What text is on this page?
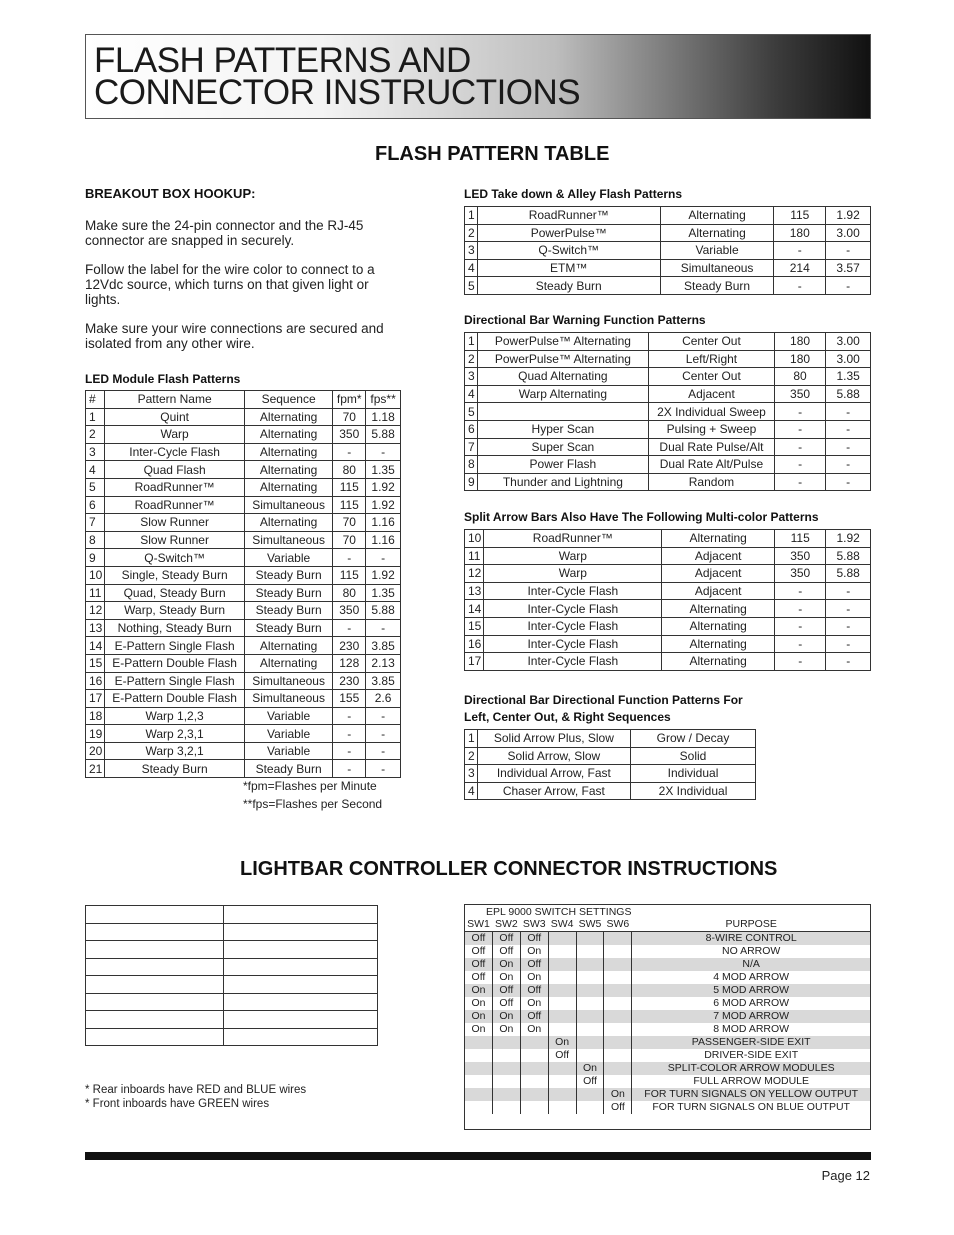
FLASH PATTERNS AND
CONNECTOR INSTRUCTIONS
FLASH PATTERN TABLE
BREAKOUT BOX HOOKUP:
Make sure the 24-pin connector and the RJ-45 connector are snapped in securely.
Follow the label for the wire color to connect to a 12Vdc source, which turns on that given light or lights.
Make sure your wire connections are secured and isolated from any other wire.
LED Module Flash Patterns
#	Pattern Name	Sequence	fpm*	fps**
1	Quint	Alternating	70	1.18
2	Warp	Alternating	350	5.88
3	Inter-Cycle Flash	Alternating	-	-
4	Quad Flash	Alternating	80	1.35
5	RoadRunner™	Alternating	115	1.92
6	RoadRunner™	Simultaneous	115	1.92
7	Slow Runner	Alternating	70	1.16
8	Slow Runner	Simultaneous	70	1.16
9	Q-Switch™	Variable	-	-
10	Single, Steady Burn	Steady Burn	115	1.92
11	Quad, Steady Burn	Steady Burn	80	1.35
12	Warp, Steady Burn	Steady Burn	350	5.88
13	Nothing, Steady Burn	Steady Burn	-	-
14	E-Pattern Single Flash	Alternating	230	3.85
15	E-Pattern Double Flash	Alternating	128	2.13
16	E-Pattern Single Flash	Simultaneous	230	3.85
17	E-Pattern Double Flash	Simultaneous	155	2.6
18	Warp 1,2,3	Variable	-	-
19	Warp 2,3,1	Variable	-	-
20	Warp 3,2,1	Variable	-	-
21	Steady Burn	Steady Burn	-	-
*fpm=Flashes per Minute
**fps=Flashes per Second
LED Take down & Alley Flash Patterns
1	RoadRunner™	Alternating	115	1.92
2	PowerPulse™	Alternating	180	3.00
3	Q-Switch™	Variable	-	-
4	ETM™	Simultaneous	214	3.57
5	Steady Burn	Steady Burn	-	-
Directional Bar Warning Function Patterns
1	PowerPulse™ Alternating	Center Out	180	3.00
2	PowerPulse™ Alternating	Left/Right	180	3.00
3	Quad Alternating	Center Out	80	1.35
4	Warp Alternating	Adjacent	350	5.88
5		2X Individual Sweep	-	-
6	Hyper Scan	Pulsing + Sweep	-	-
7	Super Scan	Dual Rate Pulse/Alt	-	-
8	Power Flash	Dual Rate Alt/Pulse	-	-
9	Thunder and Lightning	Random	-	-
Split Arrow Bars Also Have The Following Multi-color Patterns
10	RoadRunner™	Alternating	115	1.92
11	Warp	Adjacent	350	5.88
12	Warp	Adjacent	350	5.88
13	Inter-Cycle Flash	Adjacent	-	-
14	Inter-Cycle Flash	Alternating	-	-
15	Inter-Cycle Flash	Alternating	-	-
16	Inter-Cycle Flash	Alternating	-	-
17	Inter-Cycle Flash	Alternating	-	-
Directional Bar Directional Function Patterns For
Left, Center Out, & Right Sequences
1	Solid Arrow Plus, Slow	Grow / Decay
2	Solid Arrow, Slow	Solid
3	Individual Arrow, Fast	Individual
4	Chaser Arrow, Fast	2X Individual
LIGHTBAR CONTROLLER CONNECTOR INSTRUCTIONS

* Rear inboards have RED and BLUE wires
* Front inboards have GREEN wires
EPL 9000 SWITCH SETTINGS
SW1	SW2	SW3	SW4	SW5	SW6	PURPOSE
Off	Off	Off				8-WIRE CONTROL
Off	Off	On				NO ARROW
Off	On	Off				N/A
Off	On	On				4 MOD ARROW
On	Off	Off				5 MOD ARROW
On	Off	On				6 MOD ARROW
On	On	Off				7 MOD ARROW
On	On	On				8 MOD ARROW
			On			PASSENGER-SIDE EXIT
			Off			DRIVER-SIDE EXIT
				On		SPLIT-COLOR ARROW MODULES
				Off		FULL ARROW MODULE
					On	FOR TURN SIGNALS ON YELLOW OUTPUT
					Off	FOR TURN SIGNALS ON BLUE OUTPUT
Page 12
